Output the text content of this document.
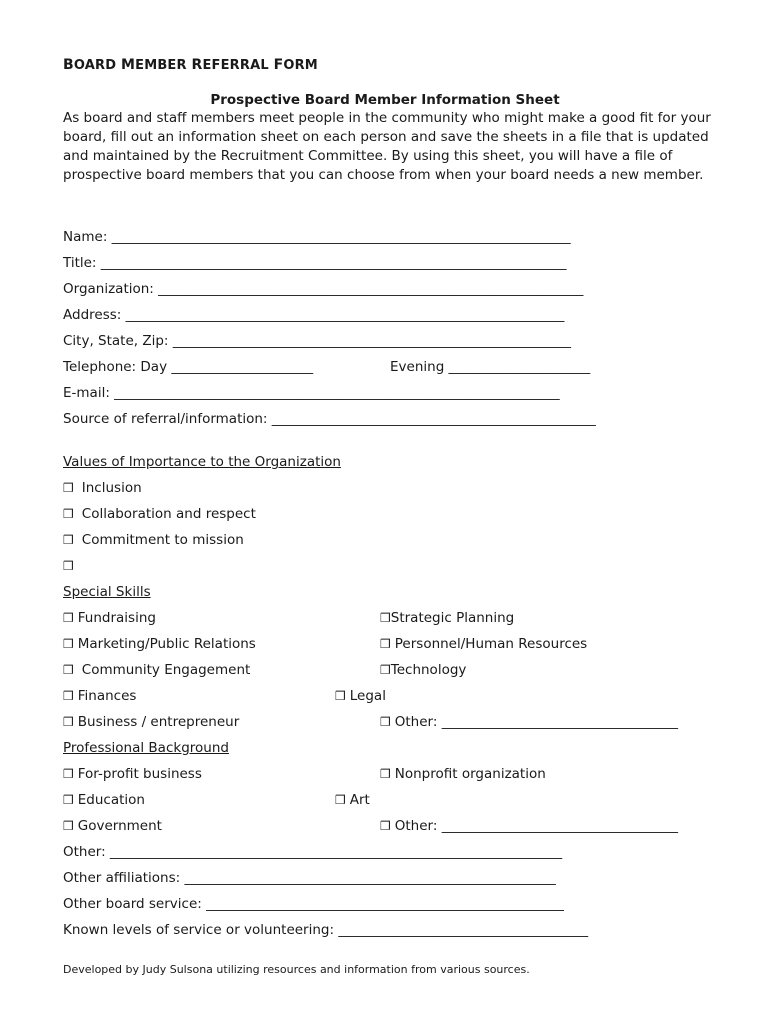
BOARD MEMBER REFERRAL FORM
Prospective Board Member Information Sheet
As board and staff members meet people in the community who might make a good fit for your board, fill out an information sheet on each person and save the sheets in a file that is updated and maintained by the Recruitment Committee. By using this sheet, you will have a file of prospective board members that you can choose from when your board needs a new member.
Name: ____________________________________________________________________
Title: _____________________________________________________________________
Organization: _______________________________________________________________
Address: _________________________________________________________________
City, State, Zip: ___________________________________________________________
Telephone: Day _____________________	Evening _____________________
E-mail: __________________________________________________________________
Source of referral/information: ________________________________________________
Values of Importance to the Organization
❒ Inclusion
❒ Collaboration and respect
❒ Commitment to mission
❒
Special Skills
❒ Fundraising	❒Strategic Planning
❒ Marketing/Public Relations	❒ Personnel/Human Resources
❒ Community Engagement	❒Technology
❒ Finances	❒ Legal
❒ Business / entrepreneur	❒ Other: ___________________________________
Professional Background
❒ For-profit business	❒ Nonprofit organization
❒ Education	❒ Art
❒ Government	❒ Other: ___________________________________
Other: ___________________________________________________________________
Other affiliations: _______________________________________________________
Other board service: _____________________________________________________
Known levels of service or volunteering: _____________________________________
Developed by Judy Sulsona utilizing resources and information from various sources.
